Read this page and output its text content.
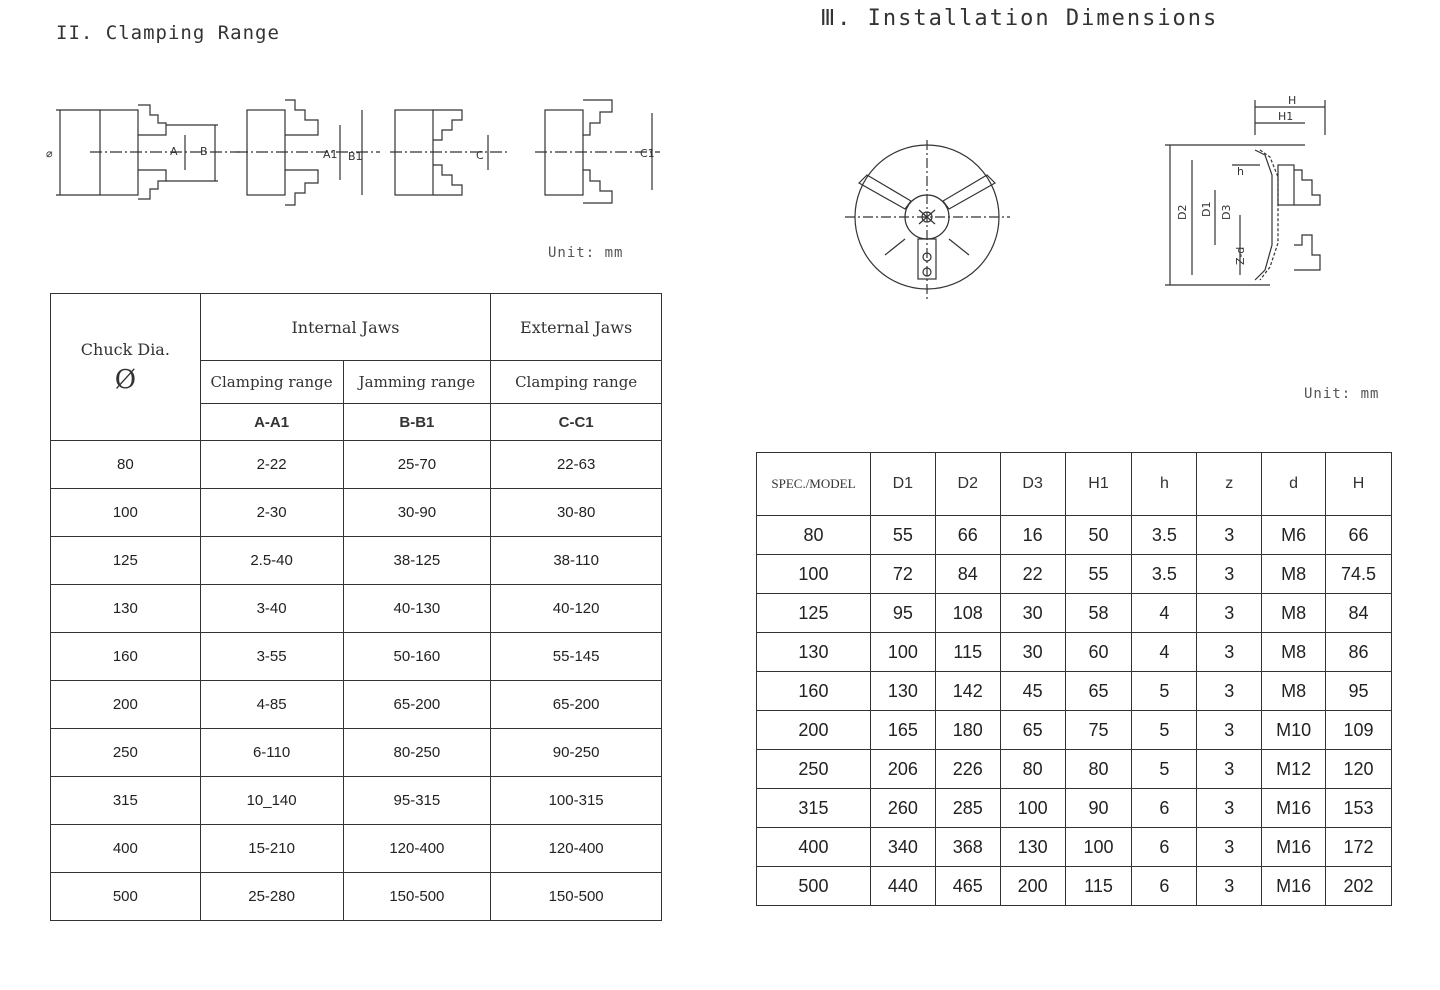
II. Clamping Range
Ⅲ. Installation Dimensions
⌀	A B	A1 B1	C	C1
Unit: mm
H
H1
D2 D1 D3
h
Z-d
Unit: mm
Chuck Dia.
Ø	Internal Jaws		External Jaws
	Clamping range	Jamming range	Clamping range
	A-A1	B-B1	C-C1
80	2-22	25-70	22-63
100	2-30	30-90	30-80
125	2.5-40	38-125	38-110
130	3-40	40-130	40-120
160	3-55	50-160	55-145
200	4-85	65-200	65-200
250	6-110	80-250	90-250
315	10_140	95-315	100-315
400	15-210	120-400	120-400
500	25-280	150-500	150-500
SPEC./MODEL	D1	D2	D3	H1	h	z	d	H
80	55	66	16	50	3.5	3	M6	66
100	72	84	22	55	3.5	3	M8	74.5
125	95	108	30	58	4	3	M8	84
130	100	115	30	60	4	3	M8	86
160	130	142	45	65	5	3	M8	95
200	165	180	65	75	5	3	M10	109
250	206	226	80	80	5	3	M12	120
315	260	285	100	90	6	3	M16	153
400	340	368	130	100	6	3	M16	172
500	440	465	200	115	6	3	M16	202
